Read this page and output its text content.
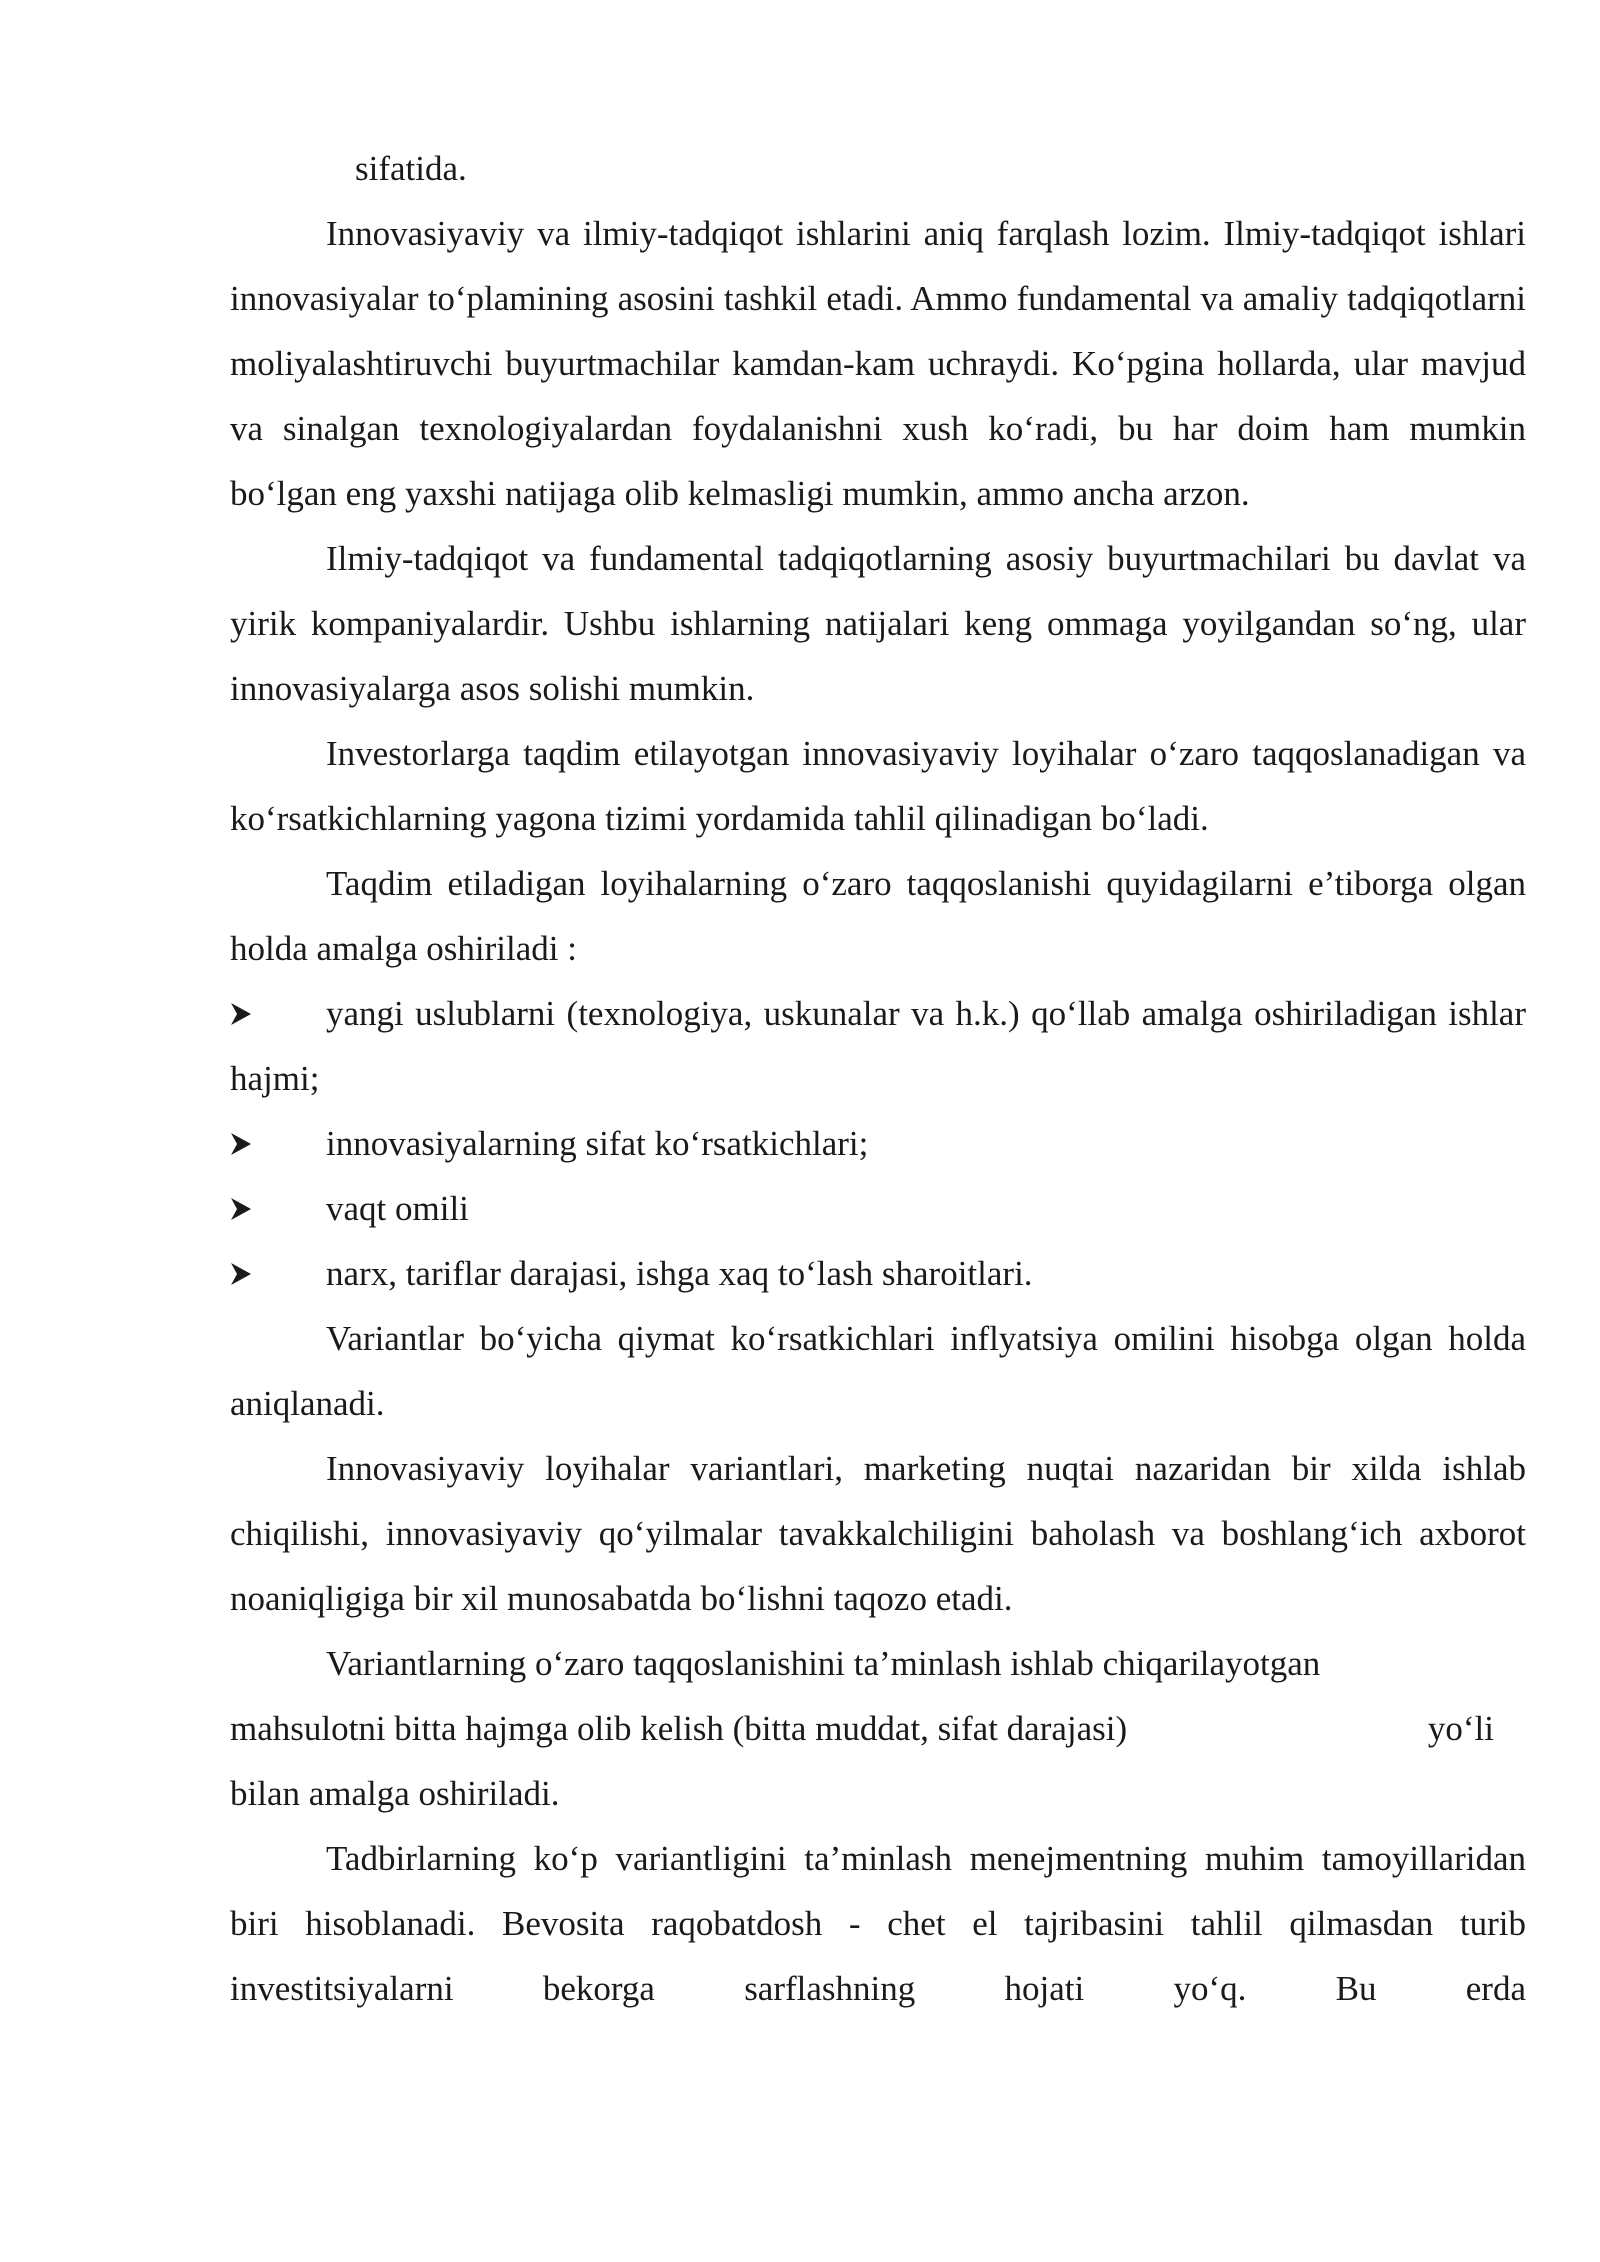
sifatida.

Innovasiyaviy va ilmiy-tadqiqot ishlarini aniq farqlash lozim. Ilmiy-tadqiqot ishlari innovasiyalar to‘plamining asosini tashkil etadi. Ammo fundamental va amaliy tadqiqotlarni moliyalashtiruvchi buyurtmachilar kamdan-kam uchraydi. Ko‘pgina hollarda, ular mavjud va sinalgan texnologiyalardan foydalanishni xush ko‘radi, bu har doim ham mumkin bo‘lgan eng yaxshi natijaga olib kelmasligi mumkin, ammo ancha arzon.

Ilmiy-tadqiqot va fundamental tadqiqotlarning asosiy buyurtmachilari bu davlat va yirik kompaniyalardir. Ushbu ishlarning natijalari keng ommaga yoyilgandan so‘ng, ular innovasiyalarga asos solishi mumkin.

Investorlarga taqdim etilayotgan innovasiyaviy loyihalar o‘zaro taqqoslanadigan va ko‘rsatkichlarning yagona tizimi yordamida tahlil qilinadigan bo‘ladi.

Taqdim etiladigan loyihalarning o‘zaro taqqoslanishi quyidagilarni e’tiborga olgan holda amalga oshiriladi :

yangi uslublarni (texnologiya, uskunalar va h.k.) qo‘llab amalga oshiriladigan ishlar hajmi;
innovasiyalarning sifat ko‘rsatkichlari;
vaqt omili
narx, tariflar darajasi, ishga xaq to‘lash sharoitlari.

Variantlar bo‘yicha qiymat ko‘rsatkichlari inflyatsiya omilini hisobga olgan holda aniqlanadi.

Innovasiyaviy loyihalar variantlari, marketing nuqtai nazaridan bir xilda ishlab chiqilishi, innovasiyaviy qo‘yilmalar tavakkalchiligini baholash va boshlang‘ich axborot noaniqligiga bir xil munosabatda bo‘lishni taqozo etadi.

Variantlarning o‘zaro taqqoslanishini ta’minlash ishlab chiqarilayotgan

mahsulotni bitta hajmga olib kelish (bitta muddat, sifat darajasi)	yo‘li

bilan amalga oshiriladi.

Tadbirlarning ko‘p variantligini ta’minlash menejmentning muhim tamoyillaridan biri hisoblanadi. Bevosita raqobatdosh - chet el tajribasini tahlil qilmasdan turib investitsiyalarni bekorga sarflashning hojati yo‘q. Bu erda
